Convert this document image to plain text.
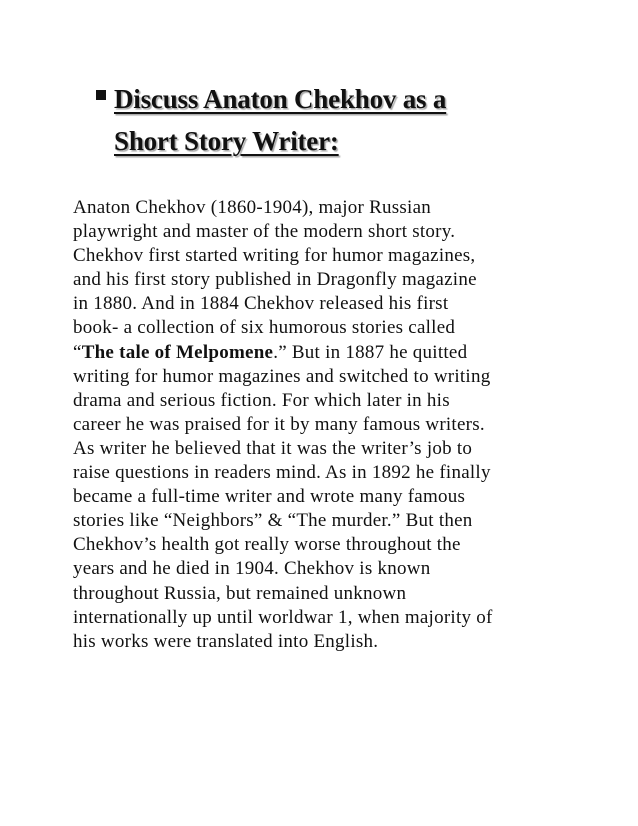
Discuss Anaton Chekhov as a
Short Story Writer:
Anaton Chekhov (1860-1904), major Russian
playwright and master of the modern short story.
Chekhov first started writing for humor magazines,
and his first story published in Dragonfly magazine
in 1880. And in 1884 Chekhov released his first
book- a collection of six humorous stories called
“The tale of Melpomene.” But in 1887 he quitted
writing for humor magazines and switched to writing
drama and serious fiction. For which later in his
career he was praised for it by many famous writers.
As writer he believed that it was the writer’s job to
raise questions in readers mind. As in 1892 he finally
became a full-time writer and wrote many famous
stories like “Neighbors” & “The murder.” But then
Chekhov’s health got really worse throughout the
years and he died in 1904. Chekhov is known
throughout Russia, but remained unknown
internationally up until worldwar 1, when majority of
his works were translated into English.
